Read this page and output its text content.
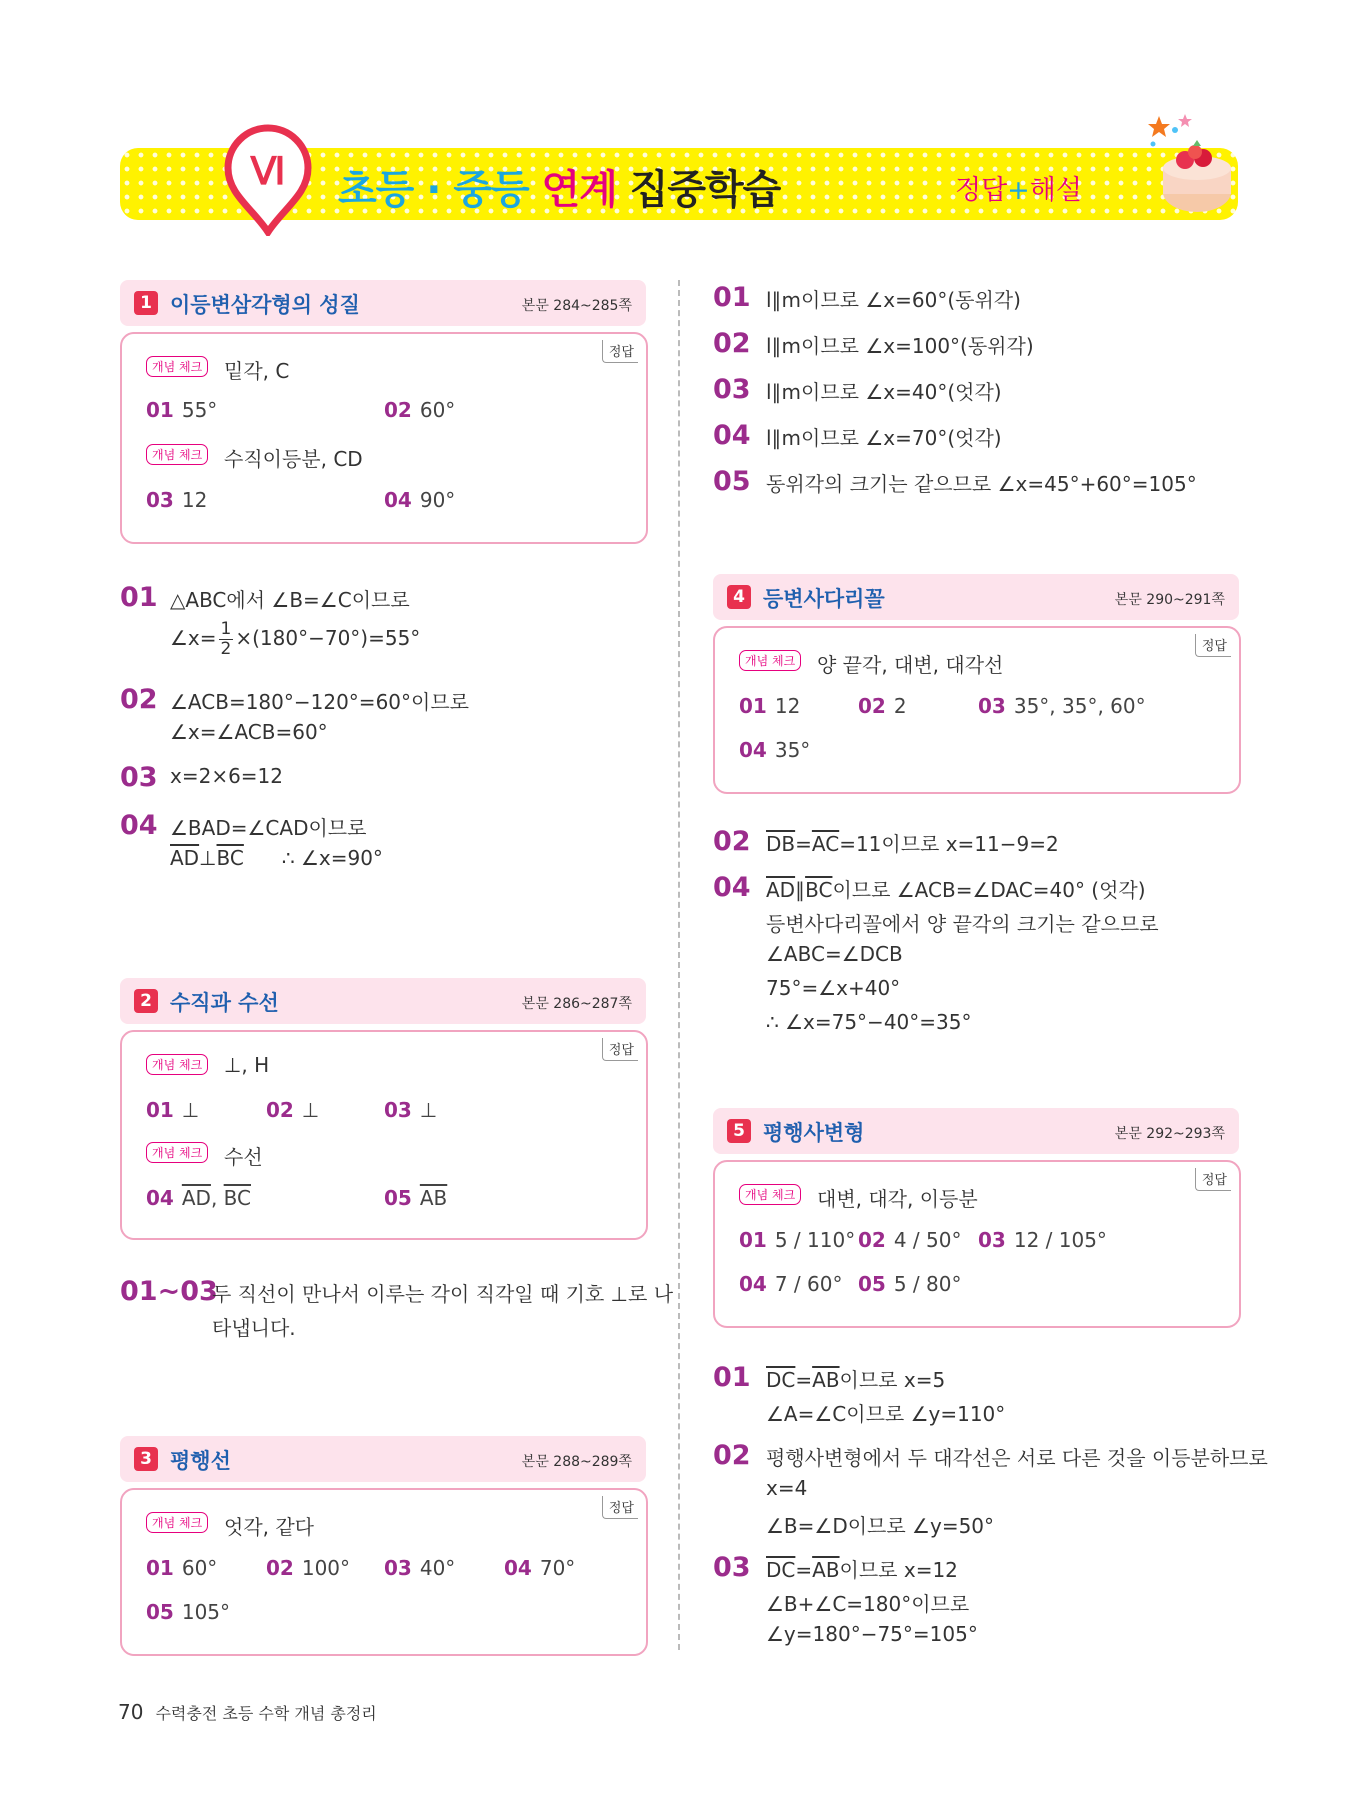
Ⅵ 초등 · 중등 연계 집중학습	정답+해설
1 이등변삼각형의 성질	본문 284~285쪽
정답
개념 체크	밑각, C
01 55°	02 60°
개념 체크	수직이등분, CD
03 12	04 90°
01 △ABC에서 ∠B=∠C이므로
∠x= $\frac{1}{2} \times(180^\circ-70^\circ)=55^\circ$
02 ∠ACB=180°−120°=60°이므로
∠x=∠ACB=60°
03 x=2×6=12
04 ∠BAD=∠CAD이므로
$\overline{AD}\perp\overline{BC}$ ∴ ∠x=90°
2 수직과 수선	본문 286~287쪽
정답
개념 체크	⊥, H
01 ⊥	02 ⊥	03 ⊥
개념 체크	수선
04 $\overline{AD}$, $\overline{BC}$	05 $\overline{AB}$
01~03
두 직선이 만나서 이루는 각이 직각일 때 기호 ⊥로 나
타냅니다.
3 평행선	본문 288~289쪽
정답
개념 체크	엇각, 같다
01 60° 02 100° 03 40° 04 70°
05 105°
01 l∥m이므로 ∠x=60°(동위각)
02 l∥m이므로 ∠x=100°(동위각)
03 l∥m이므로 ∠x=40°(엇각)
04 l∥m이므로 ∠x=70°(엇각)
05 동위각의 크기는 같으므로 ∠x=45°+60°=105°
4 등변사다리꼴	본문 290~291쪽
정답
개념 체크	양 끝각, 대변, 대각선
01 12	02 2	03 35°, 35°, 60°
04 35°
02 $\overline{DB}=\overline{AC}=11$이므로 x=11−9=2
04 $\overline{AD}\parallel\overline{BC}$이므로 ∠ACB=∠DAC=40° (엇각)
등변사다리꼴에서 양 끝각의 크기는 같으므로
∠ABC=∠DCB
75°=∠x+40°
∴ ∠x=75°−40°=35°
5 평행사변형	본문 292~293쪽
정답
개념 체크	대변, 대각, 이등분
01 5 / 110° 02 4 / 50° 03 12 / 105°
04 7 / 60° 05 5 / 80°
01 $\overline{DC}=\overline{AB}$이므로 x=5
∠A=∠C이므로 ∠y=110°
02 평행사변형에서 두 대각선은 서로 다른 것을 이등분하므로
x=4
∠B=∠D이므로 ∠y=50°
03 $\overline{DC}=\overline{AB}$이므로 x=12
∠B+∠C=180°이므로
∠y=180°−75°=105°
70 수력충전 초등 수학 개념 총정리
